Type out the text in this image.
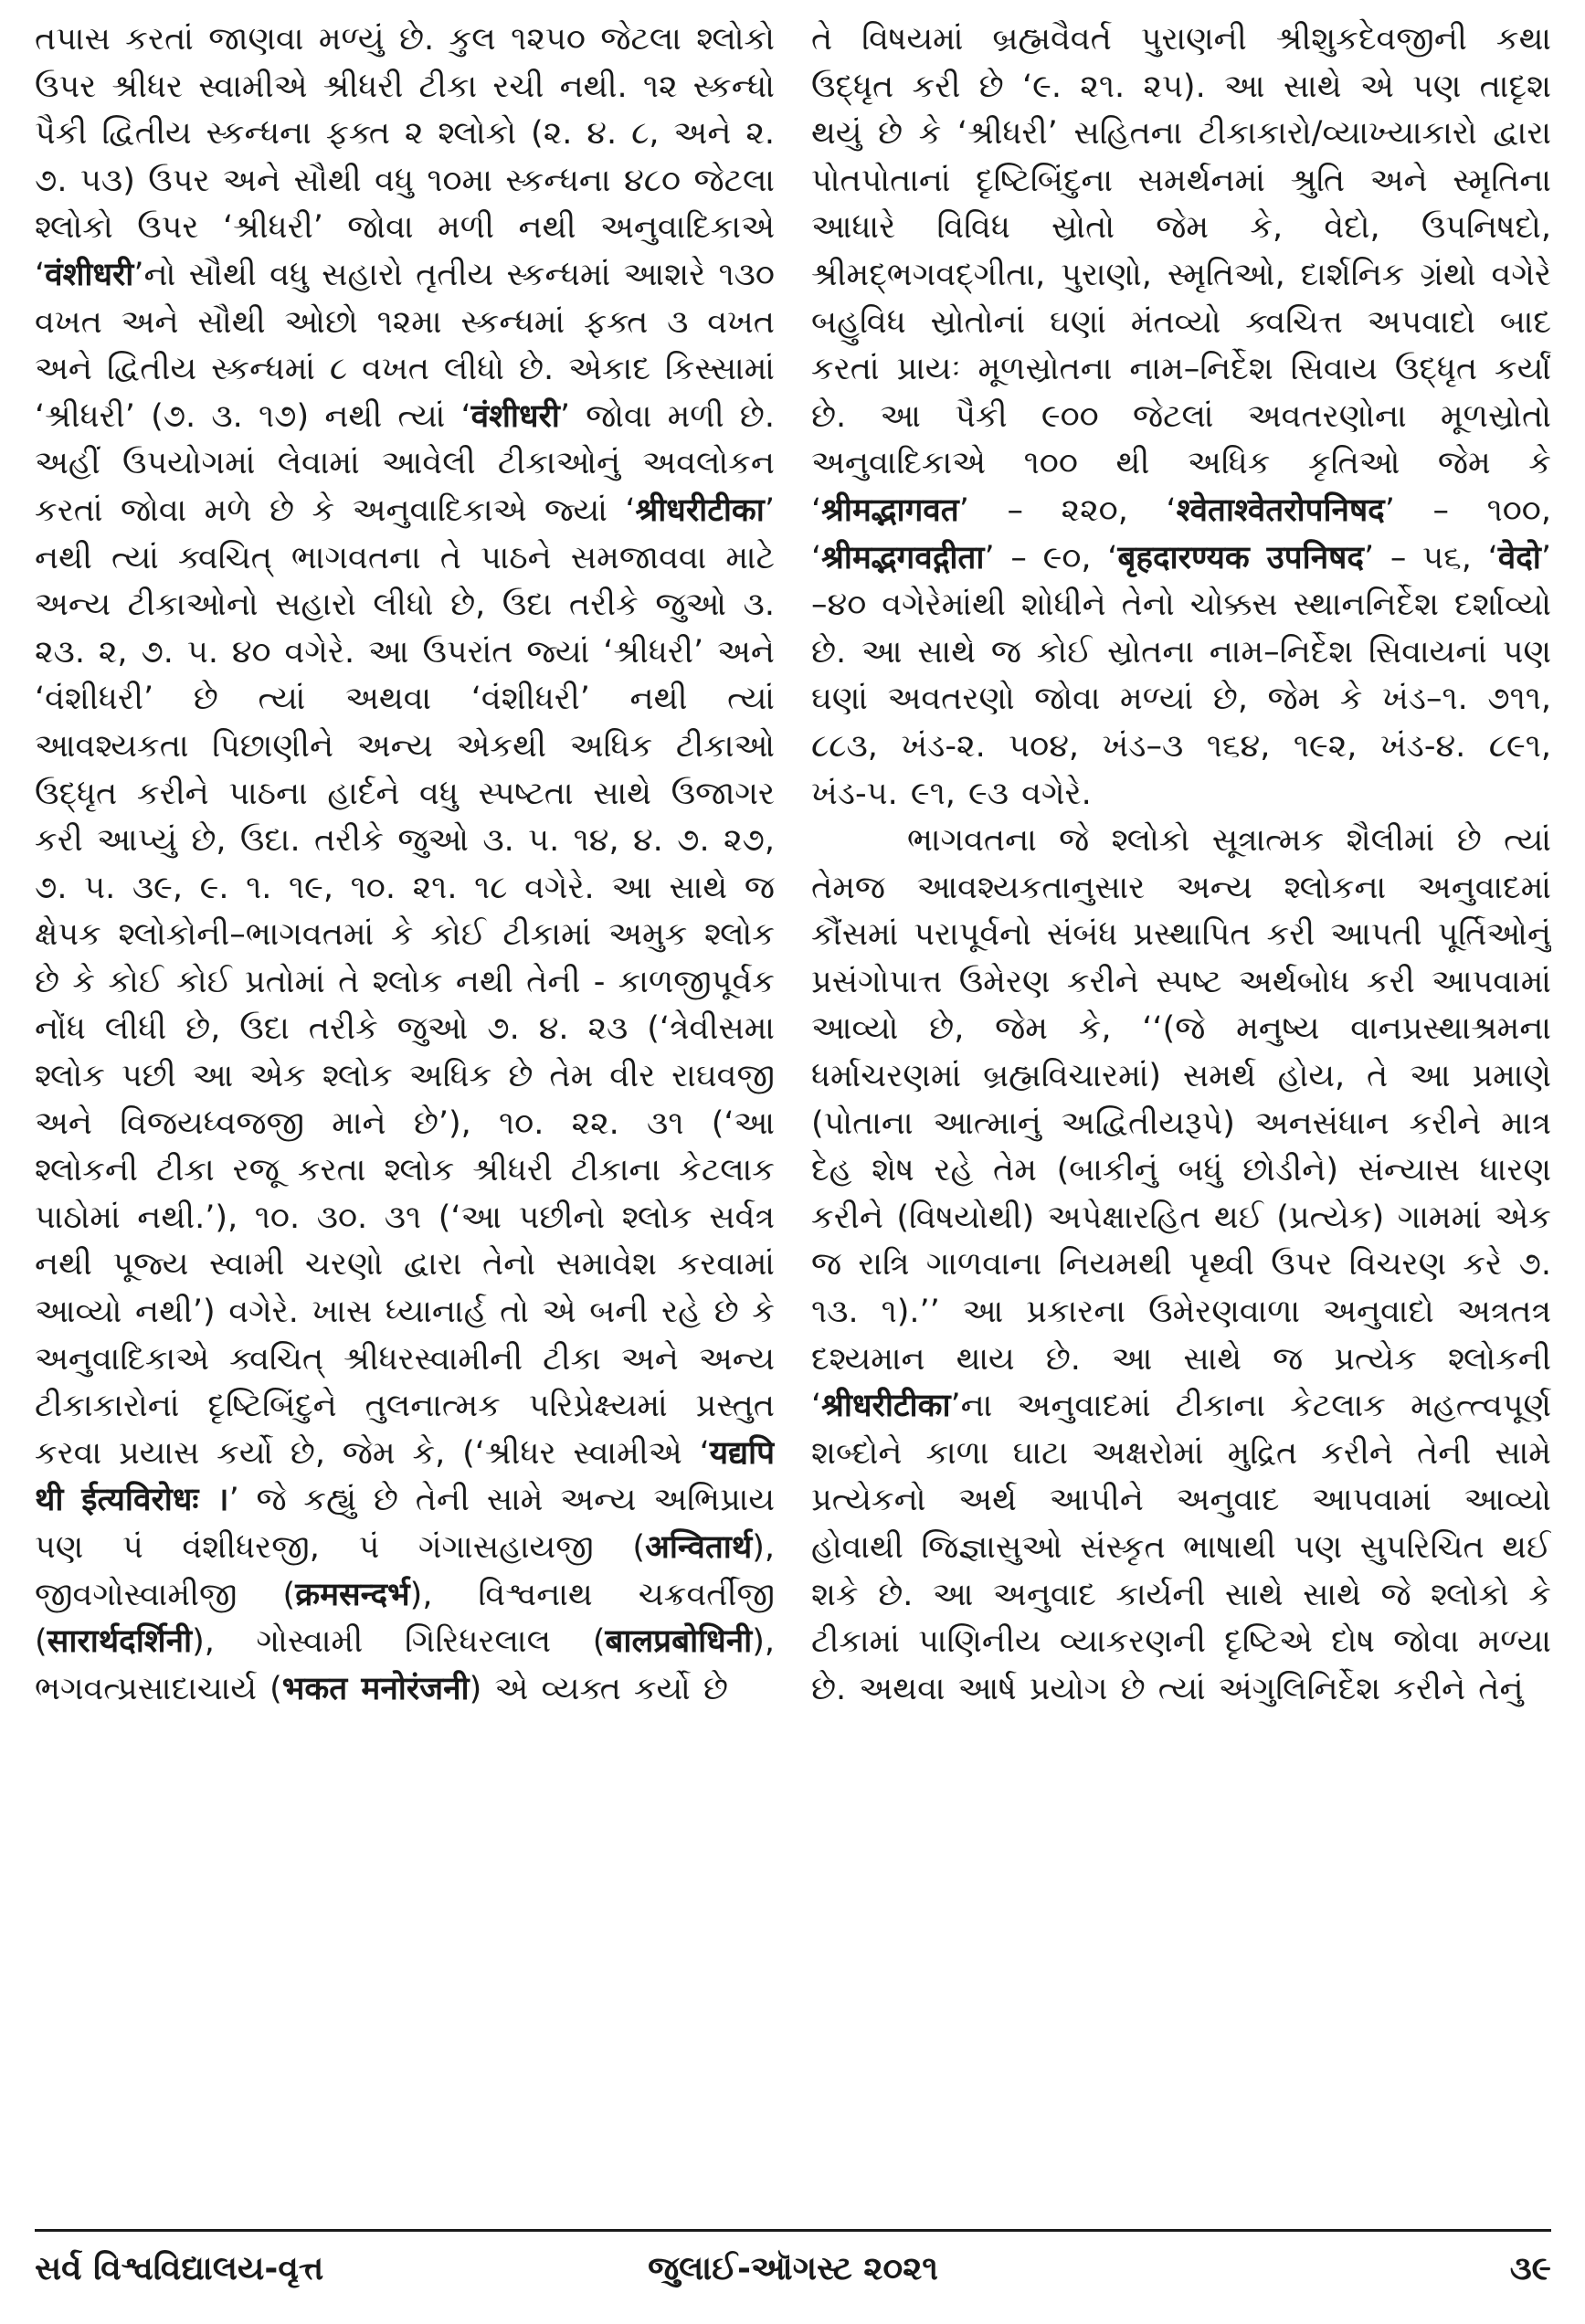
તપાસ કરતાં જાણવા મળ્યું છે. કુલ ૧૨૫૦ જેટલા શ્લોકો ઉપર શ્રીધર સ્વામીએ શ્રીધરી ટીકા રચી નથી. ૧૨ સ્કન્ધો પૈકી દ્વિતીય સ્કન્ધના ફક્ત ૨ શ્લોકો (૨. ૪. ૮, અને ૨. ૭. ૫૩) ઉપર અને સૌથી વધુ ૧૦મા સ્કન્ધના ૪૮૦ જેટલા શ્લોકો ઉપર ‘શ્રીધરી’ જોવા મળી નથી અનુવાદિકાએ ‘वंशीधरी’નો સૌથી વધુ સહારો તૃતીય સ્કન્ધમાં આશરે ૧૩૦ વખત અને સૌથી ઓછો ૧૨મા સ્કન્ધમાં ફક્ત ૩ વખત અને દ્વિતીય સ્કન્ધમાં ૮ વખત લીધો છે. એકાદ કિસ્સામાં ‘શ્રીધરી’ (૭. ૩. ૧૭) નથી ત્યાં ‘वंशीधरी’ જોવા મળી છે. અહીં ઉપયોગમાં લેવામાં આવેલી ટીકાઓનું અવલોકન કરતાં જોવા મળે છે કે અનુવાદિકાએ જ્યાં ‘श्रीधरीटीका’ નથી ત્યાં ક્વચિત્ ભાગવતના તે પાઠને સમજાવવા માટે અન્ય ટીકાઓનો સહારો લીધો છે, ઉદા તરીકે જુઓ ૩. ૨૩. ૨, ૭. ૫. ૪૦ વગેરે. આ ઉપરાંત જ્યાં ‘શ્રીધરી’ અને ‘વંશીધરી’ છે ત્યાં અથવા ‘વંશીધરી’ નથી ત્યાં આવશ્યકતા પિછાણીને અન્ય એકથી અધિક ટીકાઓ ઉદ્ધૃત કરીને પાઠના હાર્દને વધુ સ્પષ્ટતા સાથે ઉજાગર કરી આપ્યું છે, ઉદા. તરીકે જુઓ ૩. ૫. ૧૪, ૪. ૭. ૨૭, ૭. ૫. ૩૯, ૯. ૧. ૧૯, ૧૦. ૨૧. ૧૮ વગેરે. આ સાથે જ ક્ષેપક શ્લોકોની–ભાગવતમાં કે કોઈ ટીકામાં અમુક શ્લોક છે કે કોઈ કોઈ પ્રતોમાં તે શ્લોક નથી તેની - કાળજીપૂર્વક નોંધ લીધી છે, ઉદા તરીકે જુઓ ૭. ૪. ૨૩ (‘ત્રેવીસમા શ્લોક પછી આ એક શ્લોક અધિક છે તેમ વીર રાઘવજી અને વિજયધ્વજજી માને છે’), ૧૦. ૨૨. ૩૧ (‘આ શ્લોકની ટીકા રજૂ કરતા શ્લોક શ્રીધરી ટીકાના કેટલાક પાઠોમાં નથી.’), ૧૦. ૩૦. ૩૧ (‘આ પછીનો શ્લોક સર્વત્ર નથી પૂજ્ય સ્વામી ચરણો દ્વારા તેનો સમાવેશ કરવામાં આવ્યો નથી’) વગેરે. ખાસ ધ્યાનાર્હ તો એ બની રહે છે કે અનુવાદિકાએ ક્વચિત્ શ્રીધરસ્વામીની ટીકા અને અન્ય ટીકાકારોનાં દૃષ્ટિબિંદુને તુલનાત્મક પરિપ્રેક્ષ્યમાં પ્રસ્તુત કરવા પ્રયાસ કર્યો છે, જેમ કે, (‘શ્રીધર સ્વામીએ ‘यद्यपि थी ईत्यविरोधः ।’ જે કહ્યું છે તેની સામે અન્ય અભિપ્રાય પણ પં વંશીધરજી, પં ગંગાસહાયજી (अन्वितार्थ), જીવગોસ્વામીજી (क्रमसन्दर्भ), વિશ્વનાથ ચક્રવર્તીજી (सारार्थदर्शिनी), ગોસ્વામી ગિરિધરલાલ (बालप्रबोधिनी), ભગવત્પ્રસાદાચાર્ય (भकत मनोरंजनी) એ વ્યક્ત કર્યો છે

તે વિષયમાં બ્રહ્મવૈવર્ત પુરાણની શ્રીશુકદેવજીની કથા ઉદ્ધૃત કરી છે ‘૯. ૨૧. ૨૫). આ સાથે એ પણ તાદૃશ થયું છે કે ‘શ્રીધરી’ સહિતના ટીકાકારો/વ્યાખ્યાકારો દ્વારા પોતપોતાનાં દૃષ્ટિબિંદુના સમર્થનમાં શ્રુતિ અને સ્મૃતિના આધારે વિવિધ સ્રોતો જેમ કે, વેદો, ઉપનિષદો, શ્રીમદ્ભગવદ્ગીતા, પુરાણો, સ્મૃતિઓ, દાર્શનિક ગ્રંથો વગેરે બહુવિધ સ્રોતોનાં ઘણાં મંતવ્યો ક્વચિત્ત અપવાદો બાદ કરતાં પ્રાયઃ મૂળસ્રોતના નામ–નિર્દેશ સિવાય ઉદ્ધૃત કર્યાં છે. આ પૈકી ૯૦૦ જેટલાં અવતરણોના મૂળસ્રોતો અનુવાદિકાએ ૧૦૦ થી અધિક કૃતિઓ જેમ કે ‘श्रीमद्भागवत’ – ૨૨૦, ‘श्वेताश्वेतरोपनिषद’ – ૧૦૦, ‘श्रीमद्भगवद्गीता’ – ૯૦, ‘बृहदारण्यक उपनिषद’ – ૫૬, ‘वेदो’ –૪૦ વગેરેમાંથી શોધીને તેનો ચોક્કસ સ્થાનનિર્દેશ દર્શાવ્યો છે. આ સાથે જ કોઈ સ્રોતના નામ–નિર્દેશ સિવાયનાં પણ ઘણાં અવતરણો જોવા મળ્યાં છે, જેમ કે ખંડ–૧. ૭૧૧, ૮૮૩, ખંડ-૨. ૫૦૪, ખંડ–૩ ૧૬૪, ૧૯૨, ખંડ-૪. ૮૯૧, ખંડ-૫. ૯૧, ૯૩ વગેરે.

ભાગવતના જે શ્લોકો સૂત્રાત્મક શૈલીમાં છે ત્યાં તેમજ આવશ્યકતાનુસાર અન્ય શ્લોકના અનુવાદમાં કૌંસમાં પરાપૂર્વનો સંબંધ પ્રસ્થાપિત કરી આપતી પૂર્તિઓનું પ્રસંગોપાત્ત ઉમેરણ કરીને સ્પષ્ટ અર્થબોધ કરી આપવામાં આવ્યો છે, જેમ કે, ‘‘(જે મનુષ્ય વાનપ્રસ્થાશ્રમના ધર્માચરણમાં બ્રહ્મવિચારમાં) સમર્થ હોય, તે આ પ્રમાણે (પોતાના આત્માનું અદ્વિતીયરૂપે) અનસંધાન કરીને માત્ર દેહ શેષ રહે તેમ (બાકીનું બધું છોડીને) સંન્યાસ ધારણ કરીને (વિષયોથી) અપેક્ષારહિત થઈ (પ્રત્યેક) ગામમાં એક જ રાત્રિ ગાળવાના નિયમથી પૃથ્વી ઉપર વિચરણ કરે ૭. ૧૩. ૧).’’ આ પ્રકારના ઉમેરણવાળા અનુવાદો અત્રતત્ર દશ્યમાન થાય છે. આ સાથે જ પ્રત્યેક શ્લોકની ‘श्रीधरीटीका’ના અનુવાદમાં ટીકાના કેટલાક મહત્ત્વપૂર્ણ શબ્દોને કાળા ઘાટા અક્ષરોમાં મુદ્રિત કરીને તેની સામે પ્રત્યેકનો અર્થ આપીને અનુવાદ આપવામાં આવ્યો હોવાથી જિજ્ઞાસુઓ સંસ્કૃત ભાષાથી પણ સુપરિચિત થઈ શકે છે. આ અનુવાદ કાર્યની સાથે સાથે જે શ્લોકો કે ટીકામાં પાણિનીય વ્યાકરણની દૃષ્ટિએ દોષ જોવા મળ્યા છે. અથવા આર્ષ પ્રયોગ છે ત્યાં અંગુલિનિર્દેશ કરીને તેનું

સર્વ વિશ્વવિદ્યાલય-વૃત્ત	જુલાઈ-ઑગસ્ટ ૨૦૨૧	૩૯
